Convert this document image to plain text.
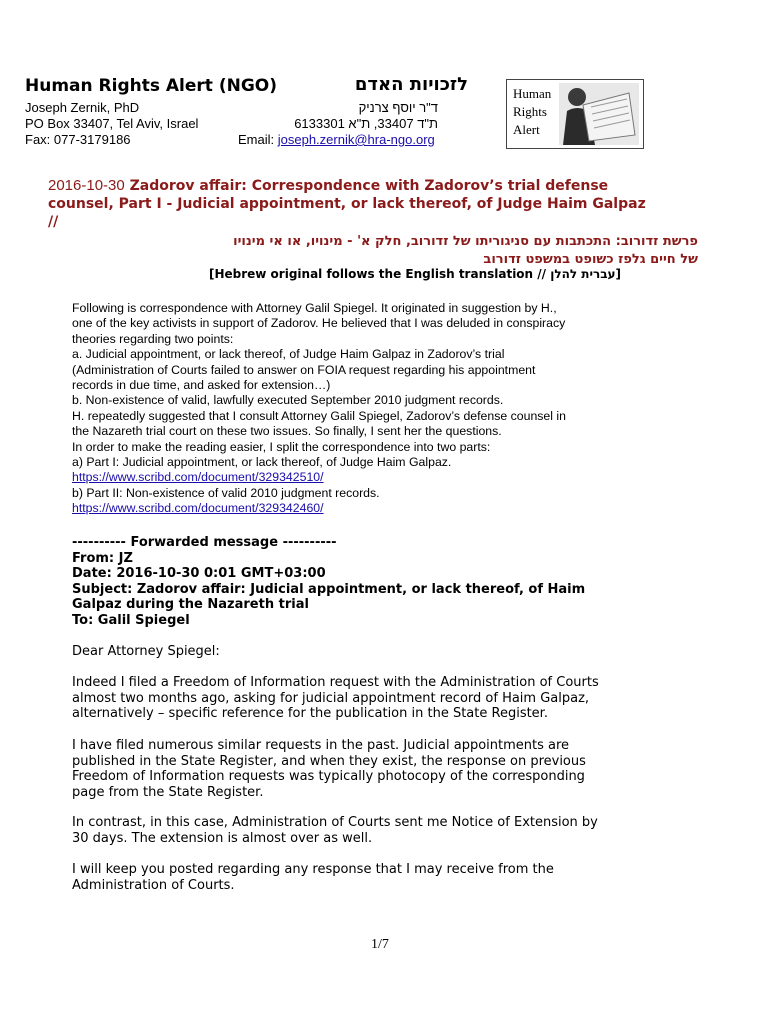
Human Rights Alert (NGO)	לזכויות האדם
Joseph Zernik, PhD	ד"ר יוסף צרניק
PO Box 33407, Tel Aviv, Israel	ת"ד 33407, ת"א 6133301
Fax: 077-3179186	Email: joseph.zernik@hra-ngo.org
Human
Rights
Alert
2016-10-30 Zadorov affair: Correspondence with Zadorov’s trial defense counsel, Part I - Judicial appointment, or lack thereof, of Judge Haim Galpaz //
פרשת זדורוב: התכתבות עם סניגוריתו של זדורוב, חלק א' - מינויו, או אי מינויו
של חיים גלפז כשופט במשפט זדורוב
[Hebrew original follows the English translation // עברית להלן]
Following is correspondence with Attorney Galil Spiegel. It originated in suggestion by H.,
one of the key activists in support of Zadorov. He believed that I was deluded in conspiracy
theories regarding two points:
a. Judicial appointment, or lack thereof, of Judge Haim Galpaz in Zadorov’s trial
(Administration of Courts failed to answer on FOIA request regarding his appointment
records in due time, and asked for extension…)
b. Non-existence of valid, lawfully executed September 2010 judgment records.
H. repeatedly suggested that I consult Attorney Galil Spiegel, Zadorov’s defense counsel in
the Nazareth trial court on these two issues. So finally, I sent her the questions.
In order to make the reading easier, I split the correspondence into two parts:
a) Part I: Judicial appointment, or lack thereof, of Judge Haim Galpaz.
https://www.scribd.com/document/329342510/
b) Part II: Non-existence of valid 2010 judgment records.
https://www.scribd.com/document/329342460/
---------- Forwarded message ----------
From: JZ
Date: 2016-10-30 0:01 GMT+03:00
Subject: Zadorov affair: Judicial appointment, or lack thereof, of Haim
Galpaz during the Nazareth trial
To: Galil Spiegel
Dear Attorney Spiegel:
Indeed I filed a Freedom of Information request with the Administration of Courts
almost two months ago, asking for judicial appointment record of Haim Galpaz,
alternatively – specific reference for the publication in the State Register.
I have filed numerous similar requests in the past. Judicial appointments are
published in the State Register, and when they exist, the response on previous
Freedom of Information requests was typically photocopy of the corresponding
page from the State Register.
In contrast, in this case, Administration of Courts sent me Notice of Extension by
30 days. The extension is almost over as well.
I will keep you posted regarding any response that I may receive from the
Administration of Courts.
1/7
